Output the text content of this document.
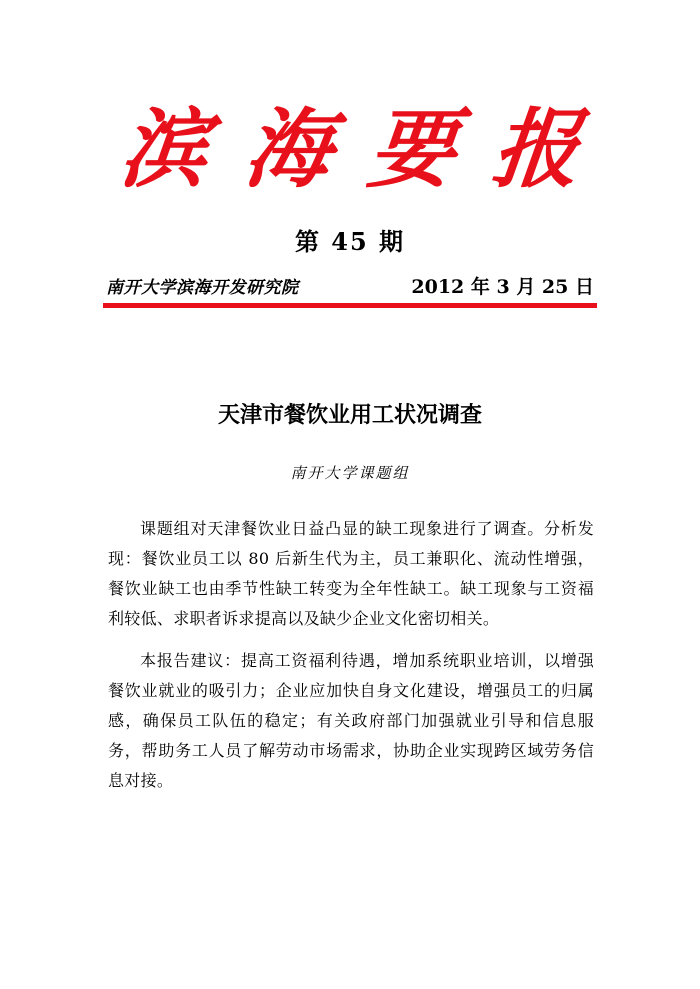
滨海要报
第 45 期
南开大学滨海开发研究院	2012 年 3 月 25 日
天津市餐饮业用工状况调查
南开大学课题组

课题组对天津餐饮业日益凸显的缺工现象进行了调查。分析发现：餐饮业员工以 80 后新生代为主，员工兼职化、流动性增强，餐饮业缺工也由季节性缺工转变为全年性缺工。缺工现象与工资福利较低、求职者诉求提高以及缺少企业文化密切相关。

本报告建议：提高工资福利待遇，增加系统职业培训，以增强餐饮业就业的吸引力；企业应加快自身文化建设，增强员工的归属感，确保员工队伍的稳定；有关政府部门加强就业引导和信息服务，帮助务工人员了解劳动市场需求，协助企业实现跨区域劳务信息对接。
